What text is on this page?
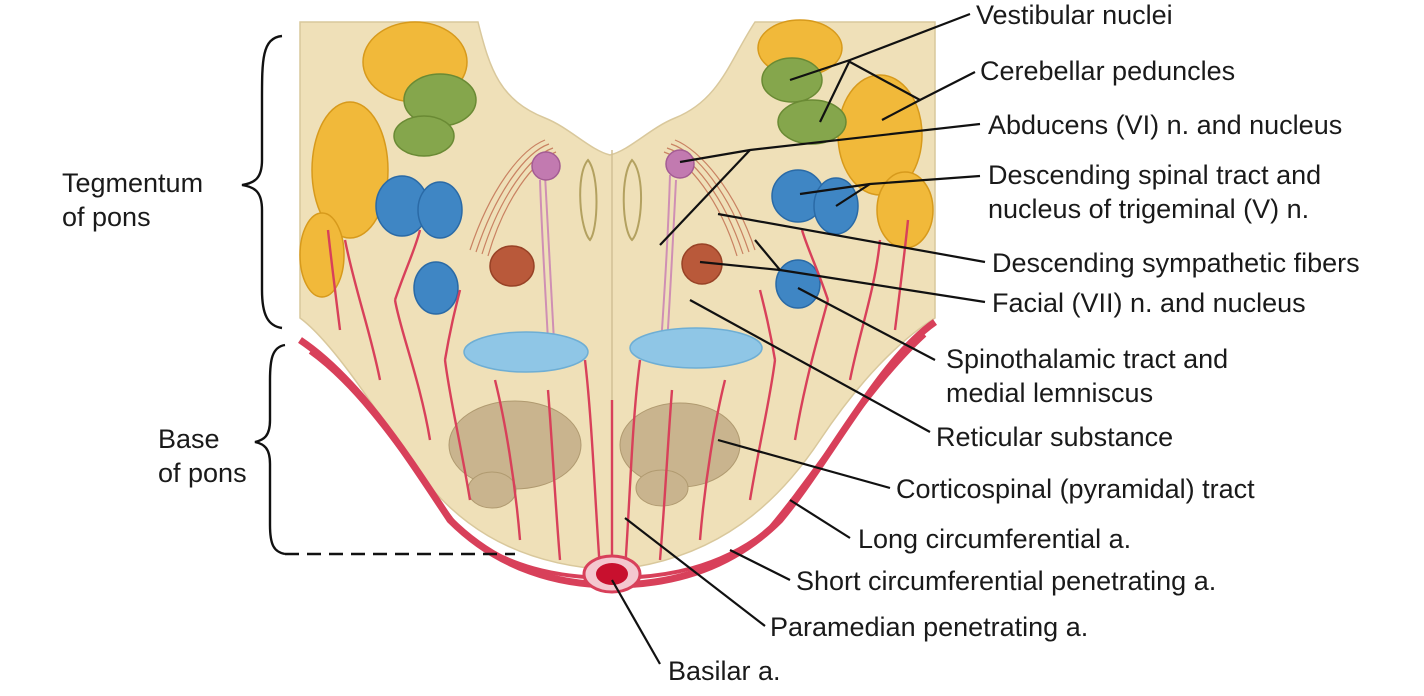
Tegmentum
of pons
Base
of pons
Vestibular nuclei
Cerebellar peduncles
Abducens (VI) n. and nucleus
Descending spinal tract and
nucleus of trigeminal (V) n.
Descending sympathetic fibers
Facial (VII) n. and nucleus
Spinothalamic tract and
medial lemniscus
Reticular substance
Corticospinal (pyramidal) tract
Long circumferential a.
Short circumferential penetrating a.
Paramedian penetrating a.
Basilar a.
